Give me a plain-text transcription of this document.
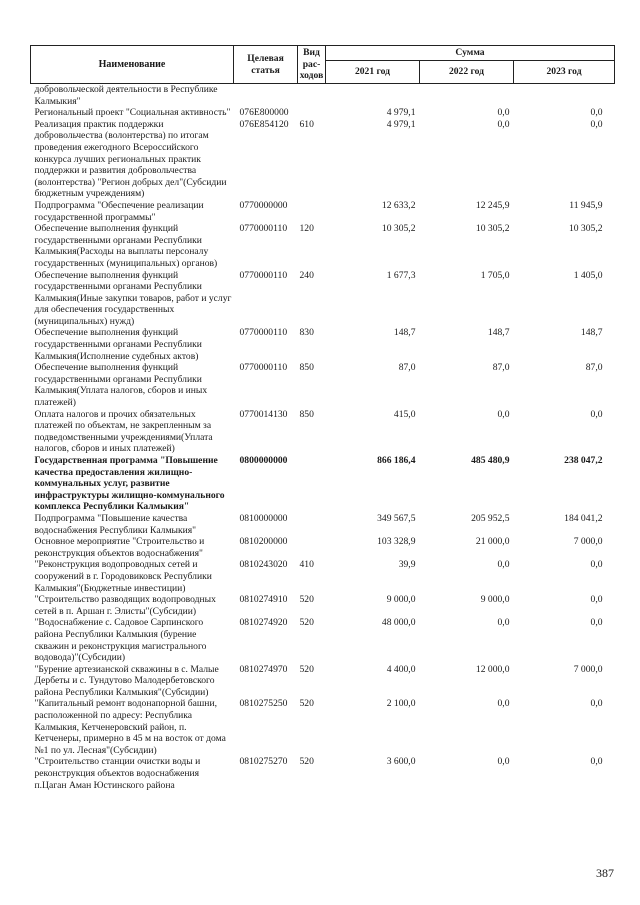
Наименование	Целевая статья	Вид рас-ходов	Сумма		
			2021 год	2022 год	2023 год
добровольческой деятельности в Республике Калмыкия"					
Региональный проект "Социальная активность"	076Е800000		4 979,1	0,0	0,0
Реализация практик поддержки добровольчества (волонтерства) по итогам проведения ежегодного Всероссийского конкурса лучших региональных практик поддержки и развития добровольчества (волонтерства) "Регион добрых дел"(Субсидии бюджетным учреждениям)	076Е854120	610	4 979,1	0,0	0,0
Подпрограмма "Обеспечение реализации государственной программы"	0770000000		12 633,2	12 245,9	11 945,9
Обеспечение выполнения функций государственными органами Республики Калмыкия(Расходы на выплаты персоналу государственных (муниципальных) органов)	0770000110	120	10 305,2	10 305,2	10 305,2
Обеспечение выполнения функций государственными органами Республики Калмыкия(Иные закупки товаров, работ и услуг для обеспечения государственных (муниципальных) нужд)	0770000110	240	1 677,3	1 705,0	1 405,0
Обеспечение выполнения функций государственными органами Республики Калмыкия(Исполнение судебных актов)	0770000110	830	148,7	148,7	148,7
Обеспечение выполнения функций государственными органами Республики Калмыкия(Уплата налогов, сборов и иных платежей)	0770000110	850	87,0	87,0	87,0
Оплата налогов и прочих обязательных платежей по объектам, не закрепленным за подведомственными учреждениями(Уплата налогов, сборов и иных платежей)	0770014130	850	415,0	0,0	0,0
Государственная программа "Повышение качества предоставления жилищно-коммунальных услуг, развитие инфраструктуры жилищно-коммунального комплекса Республики Калмыкия"	0800000000		866 186,4	485 480,9	238 047,2
Подпрограмма "Повышение качества водоснабжения Республики Калмыкия"	0810000000		349 567,5	205 952,5	184 041,2
Основное мероприятие "Строительство и реконструкция объектов водоснабжения"	0810200000		103 328,9	21 000,0	7 000,0
"Реконструкция водопроводных сетей и сооружений в г. Городовиковск Республики Калмыкия"(Бюджетные инвестиции)	0810243020	410	39,9	0,0	0,0
"Строительство разводящих водопроводных сетей в п. Аршан г. Элисты"(Субсидии)	0810274910	520	9 000,0	9 000,0	0,0
"Водоснабжение с. Садовое Сарпинского района Республики Калмыкия (бурение скважин и реконструкция магистрального водовода)"(Субсидии)	0810274920	520	48 000,0	0,0	0,0
"Бурение артезианской скважины в с. Малые Дербеты и с. Тундутово Малодербетовского района Республики Калмыкия"(Субсидии)	0810274970	520	4 400,0	12 000,0	7 000,0
"Капитальный ремонт водонапорной башни, расположенной по адресу: Республика Калмыкия, Кетченеровский район, п. Кетченеры, примерно в 45 м на восток от дома №1 по ул. Лесная"(Субсидии)	0810275250	520	2 100,0	0,0	0,0
"Строительство станции очистки воды и реконструкция объектов водоснабжения п.Цаган Аман Юстинского района	0810275270	520	3 600,0	0,0	0,0
387
